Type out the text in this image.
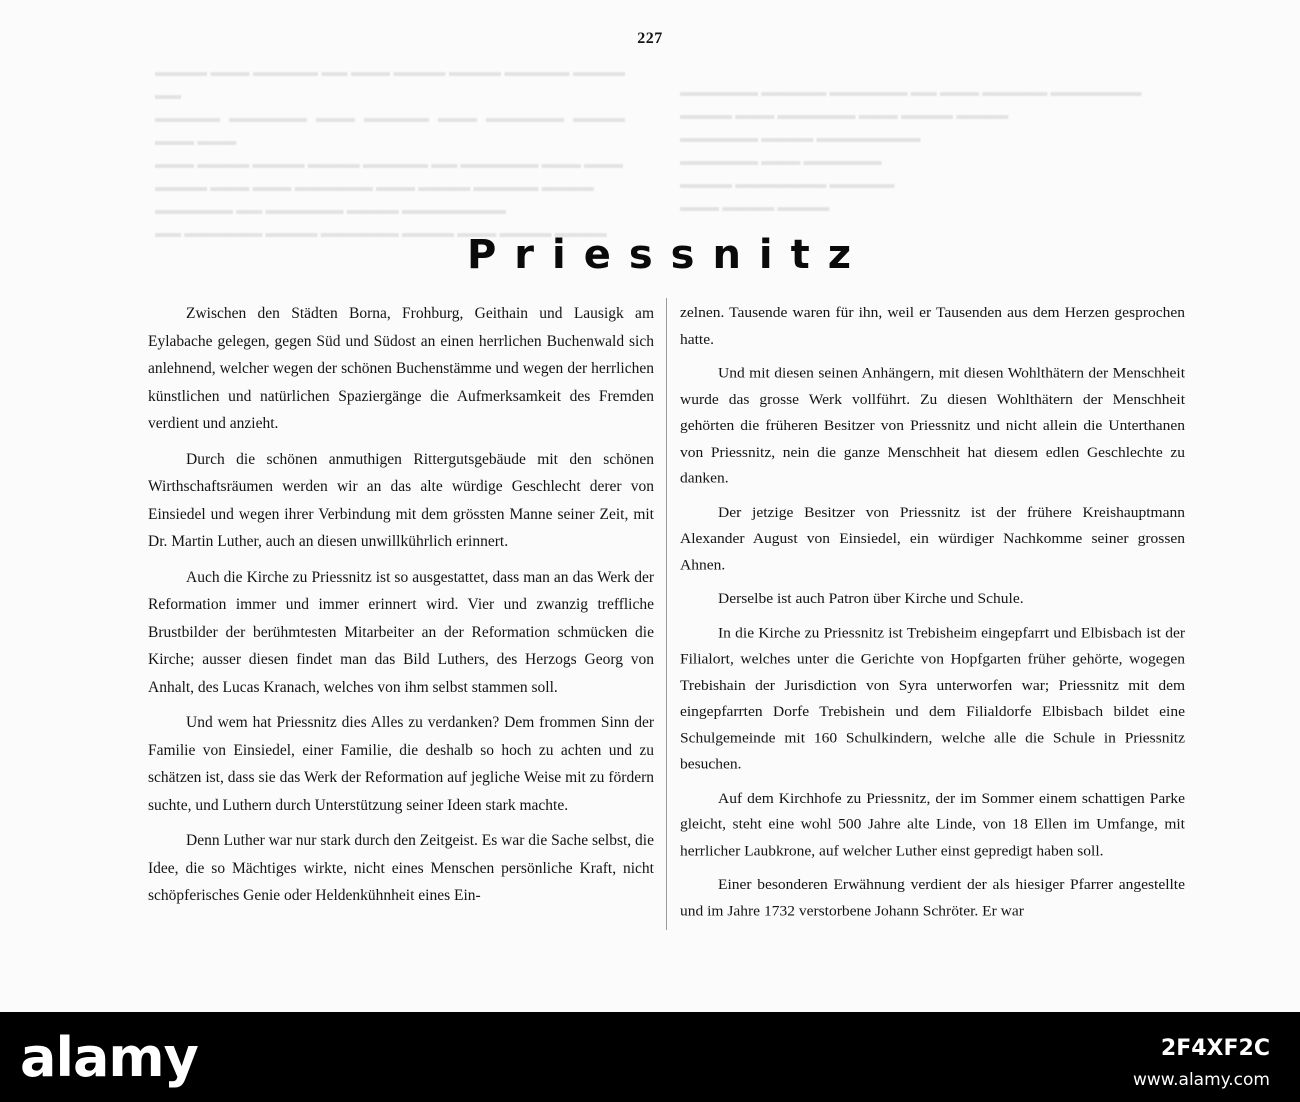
▬▬▬▬ ▬▬▬ ▬▬▬▬▬ ▬▬ ▬▬▬ ▬▬▬▬ ▬▬▬▬ ▬▬▬▬▬ ▬▬▬▬ ▬▬
▬▬▬▬▬ ▬▬▬▬▬▬ ▬▬▬ ▬▬▬▬▬ ▬▬▬ ▬▬▬▬▬▬ ▬▬▬▬ ▬▬▬ ▬▬▬
▬▬▬ ▬▬▬▬ ▬▬▬▬ ▬▬▬▬ ▬▬▬▬▬ ▬▬ ▬▬▬▬▬▬ ▬▬▬ ▬▬▬
▬▬▬▬ ▬▬▬ ▬▬▬ ▬▬▬▬▬▬ ▬▬▬ ▬▬▬▬ ▬▬▬▬▬ ▬▬▬▬
▬▬▬▬▬▬ ▬▬ ▬▬▬▬▬▬ ▬▬▬▬ ▬▬▬▬▬▬▬▬
▬▬ ▬▬▬▬▬▬ ▬▬▬▬ ▬▬▬▬▬▬ ▬▬▬▬ ▬▬▬ ▬▬▬▬ ▬▬▬▬
▬▬▬▬▬▬ ▬▬▬▬▬ ▬▬▬▬▬▬ ▬▬ ▬▬▬ ▬▬▬▬▬ ▬▬▬▬▬▬▬
▬▬▬▬ ▬▬▬ ▬▬▬▬▬▬ ▬▬▬ ▬▬▬▬ ▬▬▬▬
▬▬▬▬▬▬ ▬▬▬▬ ▬▬▬▬▬▬▬▬
▬▬▬▬▬▬ ▬▬▬ ▬▬▬▬▬▬
▬▬▬▬ ▬▬▬▬▬▬▬ ▬▬▬▬▬
▬▬▬ ▬▬▬▬ ▬▬▬▬
227
Priessnitz

Zwischen den Städten Borna, Frohburg, Geithain und Lausigk am Eylabache gelegen, gegen Süd und Südost an einen herrlichen Buchenwald sich anlehnend, welcher wegen der schönen Buchenstämme und wegen der herrlichen künstlichen und natürlichen Spaziergänge die Aufmerksamkeit des Fremden verdient und anzieht.

Durch die schönen anmuthigen Rittergutsgebäude mit den schönen Wirthschaftsräumen werden wir an das alte würdige Geschlecht derer von Einsiedel und wegen ihrer Verbindung mit dem grössten Manne seiner Zeit, mit Dr. Martin Luther, auch an diesen unwillkührlich erinnert.

Auch die Kirche zu Priessnitz ist so ausgestattet, dass man an das Werk der Reformation immer und immer erinnert wird. Vier und zwanzig treffliche Brustbilder der berühmtesten Mitarbeiter an der Reformation schmücken die Kirche; ausser diesen findet man das Bild Luthers, des Herzogs Georg von Anhalt, des Lucas Kranach, welches von ihm selbst stammen soll.

Und wem hat Priessnitz dies Alles zu verdanken? Dem frommen Sinn der Familie von Einsiedel, einer Familie, die deshalb so hoch zu achten und zu schätzen ist, dass sie das Werk der Reformation auf jegliche Weise mit zu fördern suchte, und Luthern durch Unterstützung seiner Ideen stark machte.

Denn Luther war nur stark durch den Zeitgeist. Es war die Sache selbst, die Idee, die so Mächtiges wirkte, nicht eines Menschen persönliche Kraft, nicht schöpferisches Genie oder Heldenkühnheit eines Ein-

zelnen. Tausende waren für ihn, weil er Tausenden aus dem Herzen gesprochen hatte.

Und mit diesen seinen Anhängern, mit diesen Wohlthätern der Menschheit wurde das grosse Werk vollführt. Zu diesen Wohlthätern der Menschheit gehörten die früheren Besitzer von Priessnitz und nicht allein die Unterthanen von Priessnitz, nein die ganze Menschheit hat diesem edlen Geschlechte zu danken.

Der jetzige Besitzer von Priessnitz ist der frühere Kreishauptmann Alexander August von Einsiedel, ein würdiger Nachkomme seiner grossen Ahnen.

Derselbe ist auch Patron über Kirche und Schule.

In die Kirche zu Priessnitz ist Trebisheim eingepfarrt und Elbisbach ist der Filialort, welches unter die Gerichte von Hopfgarten früher gehörte, wogegen Trebishain der Jurisdiction von Syra unterworfen war; Priessnitz mit dem eingepfarrten Dorfe Trebishein und dem Filialdorfe Elbisbach bildet eine Schulgemeinde mit 160 Schulkindern, welche alle die Schule in Priessnitz besuchen.

Auf dem Kirchhofe zu Priessnitz, der im Sommer einem schattigen Parke gleicht, steht eine wohl 500 Jahre alte Linde, von 18 Ellen im Umfange, mit herrlicher Laubkrone, auf welcher Luther einst gepredigt haben soll.

Einer besonderen Erwähnung verdient der als hiesiger Pfarrer angestellte und im Jahre 1732 verstorbene Johann Schröter. Er war

alamy	2F4XF2C
www.alamy.com
